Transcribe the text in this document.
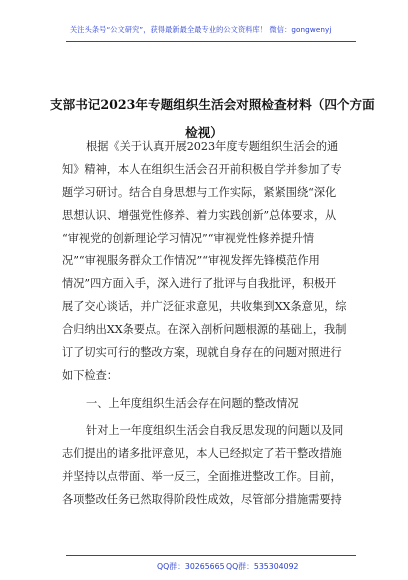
关注头条号“公文研究”，获得最新最全最专业的公文资料库！ 微信：gongwenyj
支部书记2023年专题组织生活会对照检查材料（四个方面
检视）
根据《关于认真开展2023年度专题组织生活会的通
知》精神，本人在组织生活会召开前积极自学并参加了专
题学习研讨。结合自身思想与工作实际，紧紧围绕“深化
思想认识、增强党性修养、着力实践创新”总体要求，从
“审视党的创新理论学习情况”“审视党性修养提升情
况”“审视服务群众工作情况”“审视发挥先锋模范作用
情况”四方面入手，深入进行了批评与自我批评，积极开
展了交心谈话，并广泛征求意见，共收集到XX条意见，综
合归纳出XX条要点。在深入剖析问题根源的基础上，我制
订了切实可行的整改方案，现就自身存在的问题对照进行
如下检查：
一、上年度组织生活会存在问题的整改情况
针对上一年度组织生活会自我反思发现的问题以及同
志们提出的诸多批评意见，本人已经拟定了若干整改措施
并坚持以点带面、举一反三，全面推进整改工作。目前，
各项整改任务已然取得阶段性成效，尽管部分措施需要持
QQ群：30265665 QQ群：535304092
